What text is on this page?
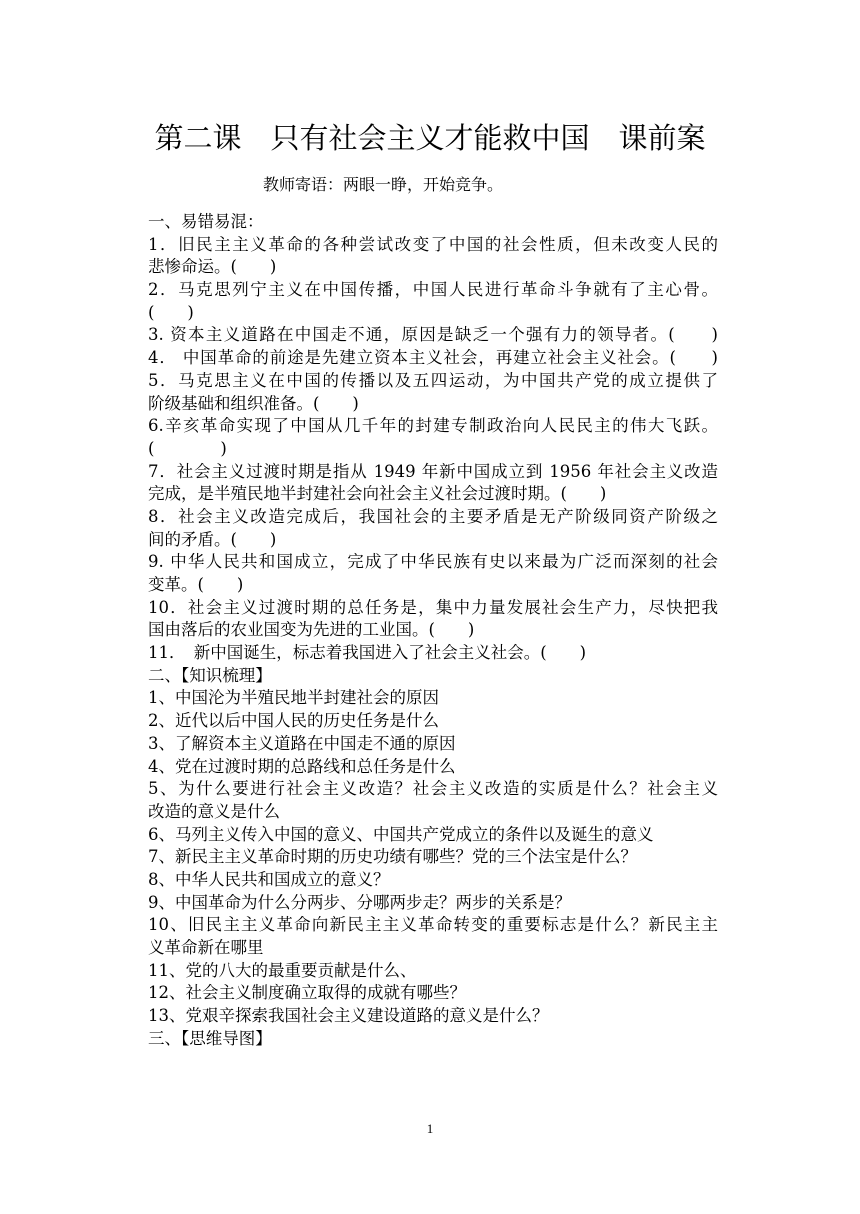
第二课　只有社会主义才能救中国　课前案
教师寄语：两眼一睁，开始竞争。
一、易错易混：
1．旧民主主义革命的各种尝试改变了中国的社会性质，但未改变人民的
悲惨命运。(　　)
2．马克思列宁主义在中国传播，中国人民进行革命斗争就有了主心骨。
(　　)
3. 资本主义道路在中国走不通，原因是缺乏一个强有力的领导者。(　　)
4． 中国革命的前途是先建立资本主义社会，再建立社会主义社会。(　　)
5．马克思主义在中国的传播以及五四运动，为中国共产党的成立提供了
阶级基础和组织准备。(　　)
6.辛亥革命实现了中国从几千年的封建专制政治向人民民主的伟大飞跃。
(　　　　)
7．社会主义过渡时期是指从 1949 年新中国成立到 1956 年社会主义改造
完成，是半殖民地半封建社会向社会主义社会过渡时期。(　　)
8．社会主义改造完成后，我国社会的主要矛盾是无产阶级同资产阶级之
间的矛盾。(　　)
9. 中华人民共和国成立，完成了中华民族有史以来最为广泛而深刻的社会
变革。(　　)
10．社会主义过渡时期的总任务是，集中力量发展社会生产力，尽快把我
国由落后的农业国变为先进的工业国。(　　)
11．　新中国诞生，标志着我国进入了社会主义社会。(　　)
二、【知识梳理】
1、中国沦为半殖民地半封建社会的原因
2、近代以后中国人民的历史任务是什么
3、了解资本主义道路在中国走不通的原因
4、党在过渡时期的总路线和总任务是什么
5、为什么要进行社会主义改造？社会主义改造的实质是什么？社会主义
改造的意义是什么
6、马列主义传入中国的意义、中国共产党成立的条件以及诞生的意义
7、新民主主义革命时期的历史功绩有哪些？党的三个法宝是什么？
8、中华人民共和国成立的意义？
9、中国革命为什么分两步、分哪两步走？两步的关系是？
10、旧民主主义革命向新民主主义革命转变的重要标志是什么？新民主主
义革命新在哪里
11、党的八大的最重要贡献是什么、
12、社会主义制度确立取得的成就有哪些？
13、党艰辛探索我国社会主义建设道路的意义是什么？
三、【思维导图】
1
